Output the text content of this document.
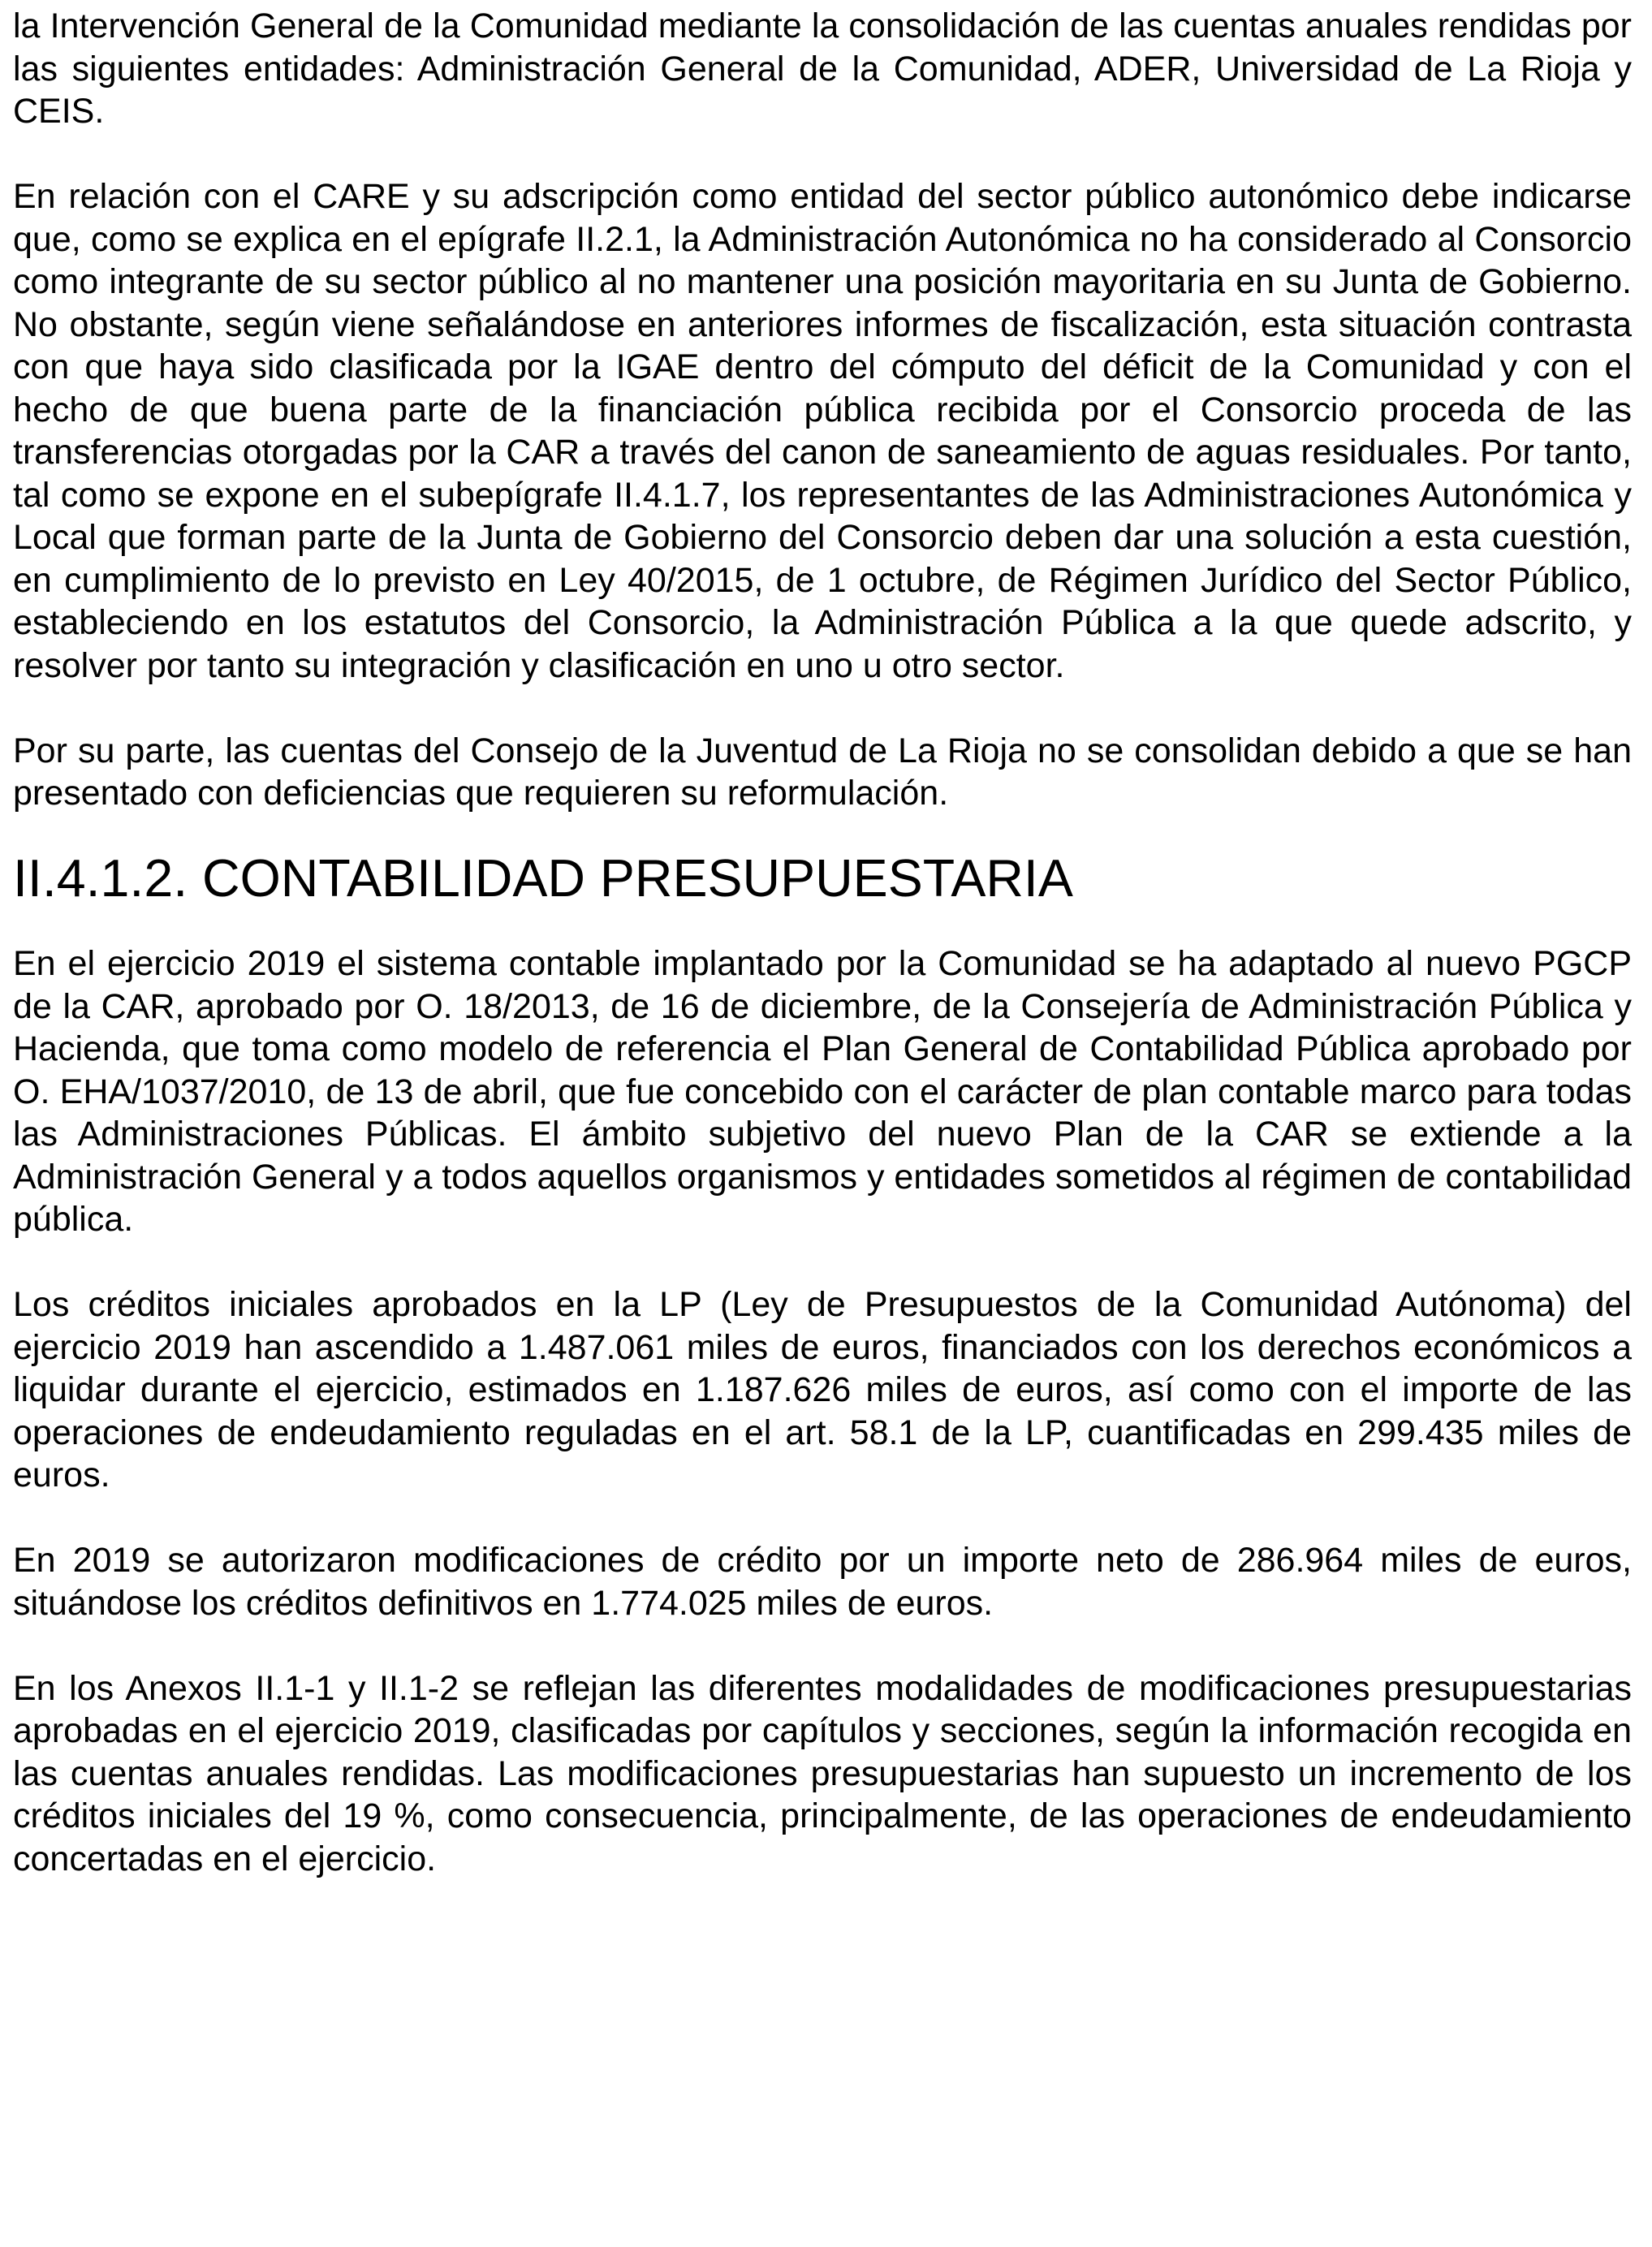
la Intervención General de la Comunidad mediante la consolidación de las cuentas anuales rendidas por las siguientes entidades: Administración General de la Comunidad, ADER, Universidad de La Rioja y CEIS.

En relación con el CARE y su adscripción como entidad del sector público autonómico debe indicarse que, como se explica en el epígrafe II.2.1, la Administración Autonómica no ha considerado al Consorcio como integrante de su sector público al no mantener una posición mayoritaria en su Junta de Gobierno. No obstante, según viene señalándose en anteriores informes de fiscalización, esta situación contrasta con que haya sido clasificada por la IGAE dentro del cómputo del déficit de la Comunidad y con el hecho de que buena parte de la financiación pública recibida por el Consorcio proceda de las transferencias otorgadas por la CAR a través del canon de saneamiento de aguas residuales. Por tanto, tal como se expone en el subepígrafe II.4.1.7, los representantes de las Administraciones Autonómica y Local que forman parte de la Junta de Gobierno del Consorcio deben dar una solución a esta cuestión, en cumplimiento de lo previsto en Ley 40/2015, de 1 octubre, de Régimen Jurídico del Sector Público, estableciendo en los estatutos del Consorcio, la Administración Pública a la que quede adscrito, y resolver por tanto su integración y clasificación en uno u otro sector.

Por su parte, las cuentas del Consejo de la Juventud de La Rioja no se consolidan debido a que se han presentado con deficiencias que requieren su reformulación.

II.4.1.2. CONTABILIDAD PRESUPUESTARIA

En el ejercicio 2019 el sistema contable implantado por la Comunidad se ha adaptado al nuevo PGCP de la CAR, aprobado por O. 18/2013, de 16 de diciembre, de la Consejería de Administración Pública y Hacienda, que toma como modelo de referencia el Plan General de Contabilidad Pública aprobado por O. EHA/1037/2010, de 13 de abril, que fue concebido con el carácter de plan contable marco para todas las Administraciones Públicas. El ámbito subjetivo del nuevo Plan de la CAR se extiende a la Administración General y a todos aquellos organismos y entidades sometidos al régimen de contabilidad pública.

Los créditos iniciales aprobados en la LP (Ley de Presupuestos de la Comunidad Autónoma) del ejercicio 2019 han ascendido a 1.487.061 miles de euros, financiados con los derechos económicos a liquidar durante el ejercicio, estimados en 1.187.626 miles de euros, así como con el importe de las operaciones de endeudamiento reguladas en el art. 58.1 de la LP, cuantificadas en 299.435 miles de euros.

En 2019 se autorizaron modificaciones de crédito por un importe neto de 286.964 miles de euros, situándose los créditos definitivos en 1.774.025 miles de euros.

En los Anexos II.1-1 y II.1-2 se reflejan las diferentes modalidades de modificaciones presupuestarias aprobadas en el ejercicio 2019, clasificadas por capítulos y secciones, según la información recogida en las cuentas anuales rendidas. Las modificaciones presupuestarias han supuesto un incremento de los créditos iniciales del 19 %, como consecuencia, principalmente, de las operaciones de endeudamiento concertadas en el ejercicio.
